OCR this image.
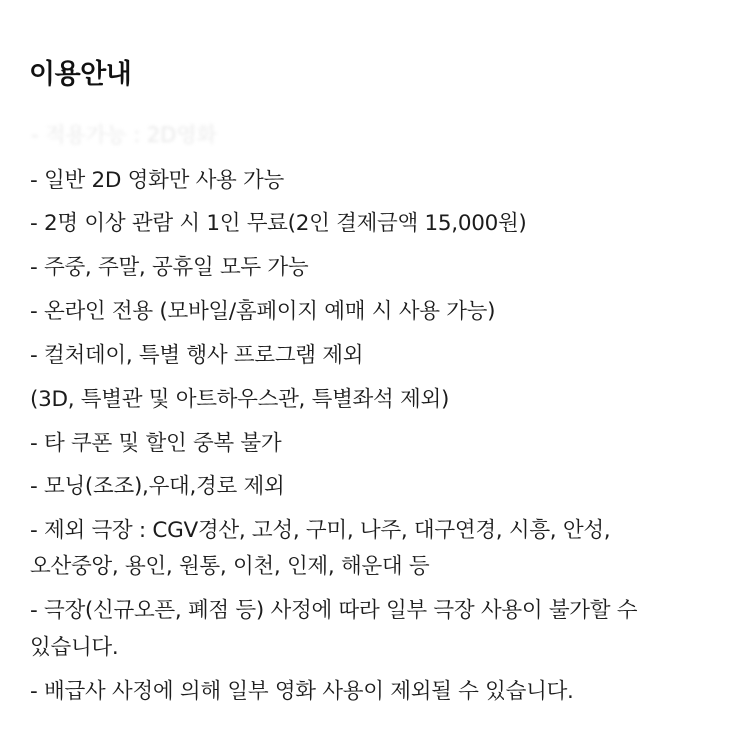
이용안내
- 적용가능 : 2D영화
- 일반 2D 영화만 사용 가능
- 2명 이상 관람 시 1인 무료(2인 결제금액 15,000원)
- 주중, 주말, 공휴일 모두 가능
- 온라인 전용 (모바일/홈페이지 예매 시 사용 가능)
- 컬처데이, 특별 행사 프로그램 제외
(3D, 특별관 및 아트하우스관, 특별좌석 제외)
- 타 쿠폰 및 할인 중복 불가
- 모닝(조조),우대,경로 제외
- 제외 극장 : CGV경산, 고성, 구미, 나주, 대구연경, 시흥, 안성,
오산중앙, 용인, 원통, 이천, 인제, 해운대 등
- 극장(신규오픈, 폐점 등) 사정에 따라 일부 극장 사용이 불가할 수
있습니다.
- 배급사 사정에 의해 일부 영화 사용이 제외될 수 있습니다.
